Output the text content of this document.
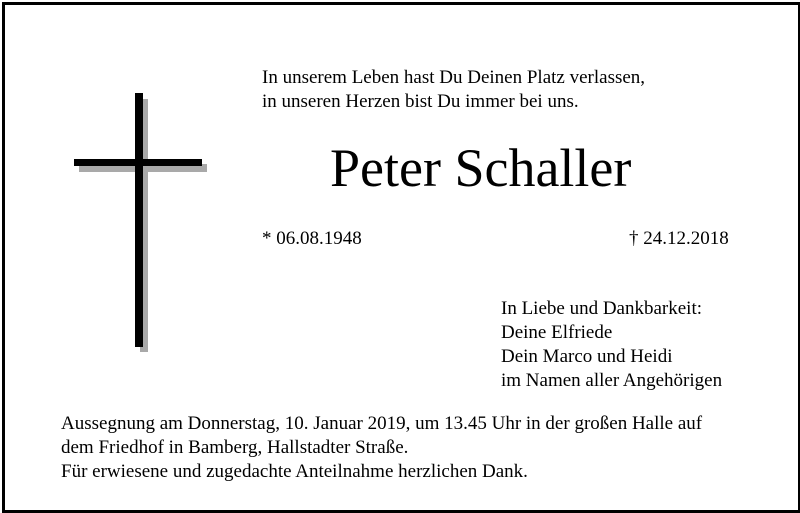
In unserem Leben hast Du Deinen Platz verlassen,
in unseren Herzen bist Du immer bei uns.
Peter Schaller
* 06.08.1948	† 24.12.2018
In Liebe und Dankbarkeit:
Deine Elfriede
Dein Marco und Heidi
im Namen aller Angehörigen
Aussegnung am Donnerstag, 10. Januar 2019, um 13.45 Uhr in der großen Halle auf
dem Friedhof in Bamberg, Hallstadter Straße.
Für erwiesene und zugedachte Anteilnahme herzlichen Dank.
